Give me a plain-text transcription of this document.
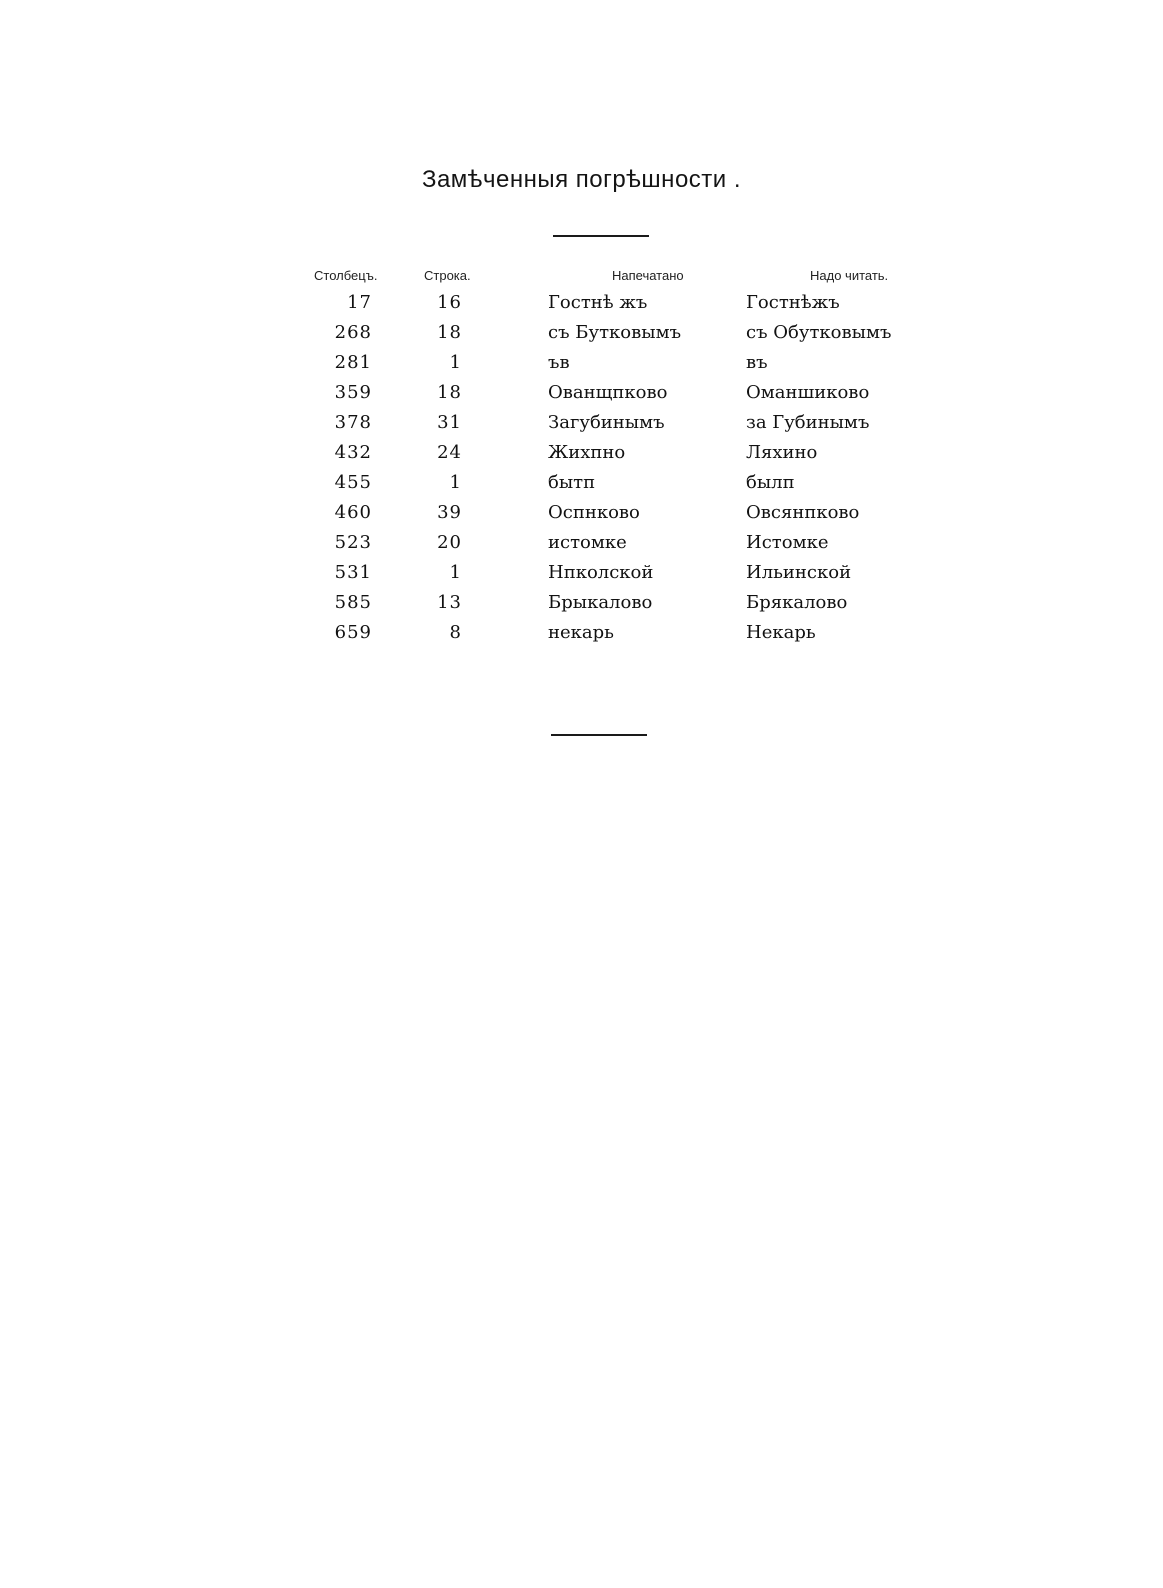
Замѣченныя погрѣшности .
Столбецъ.	Строка.	Напечатано	Надо читать.
17	16	Гостнѣ жъ	Гостнѣжъ
268	18	съ Бутковымъ	съ Обутковымъ
281	1	ъв	въ
359	18	Ованщпково	Оманшиково
378	31	Загубинымъ	за Губинымъ
432	24	Жихпно	Ляхино
455	1	бытп	былп
460	39	Оспнково	Овсянпково
523	20	истомке	Истомке
531	1	Нпколской	Ильинской
585	13	Брыкалово	Брякалово
659	8	некарь	Некарь
